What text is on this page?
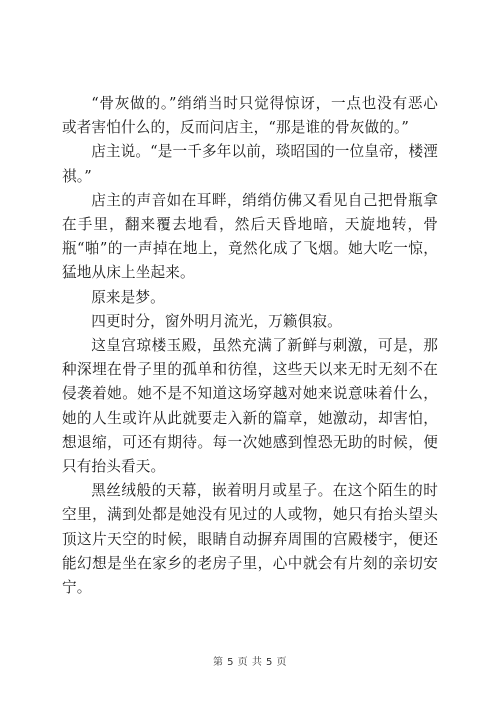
“骨灰做的。”绡绡当时只觉得惊讶，一点也没有恶心或者害怕什么的，反而问店主，“那是谁的骨灰做的。”

店主说。“是一千多年以前，琰昭国的一位皇帝，楼湮祺。”

店主的声音如在耳畔，绡绡仿佛又看见自己把骨瓶拿在手里，翻来覆去地看，然后天昏地暗，天旋地转，骨瓶“啪”的一声掉在地上，竟然化成了飞烟。她大吃一惊，猛地从床上坐起来。

原来是梦。

四更时分，窗外明月流光，万籁俱寂。

这皇宫琼楼玉殿，虽然充满了新鲜与刺激，可是，那种深埋在骨子里的孤单和彷徨，这些天以来无时无刻不在侵袭着她。她不是不知道这场穿越对她来说意味着什么，她的人生或许从此就要走入新的篇章，她激动，却害怕，想退缩，可还有期待。每一次她感到惶恐无助的时候，便只有抬头看天。

黑丝绒般的天幕，嵌着明月或星子。在这个陌生的时空里，满到处都是她没有见过的人或物，她只有抬头望头顶这片天空的时候，眼睛自动摒弃周围的宫殿楼宇，便还能幻想是坐在家乡的老房子里，心中就会有片刻的亲切安宁。

第 5 页 共 5 页
